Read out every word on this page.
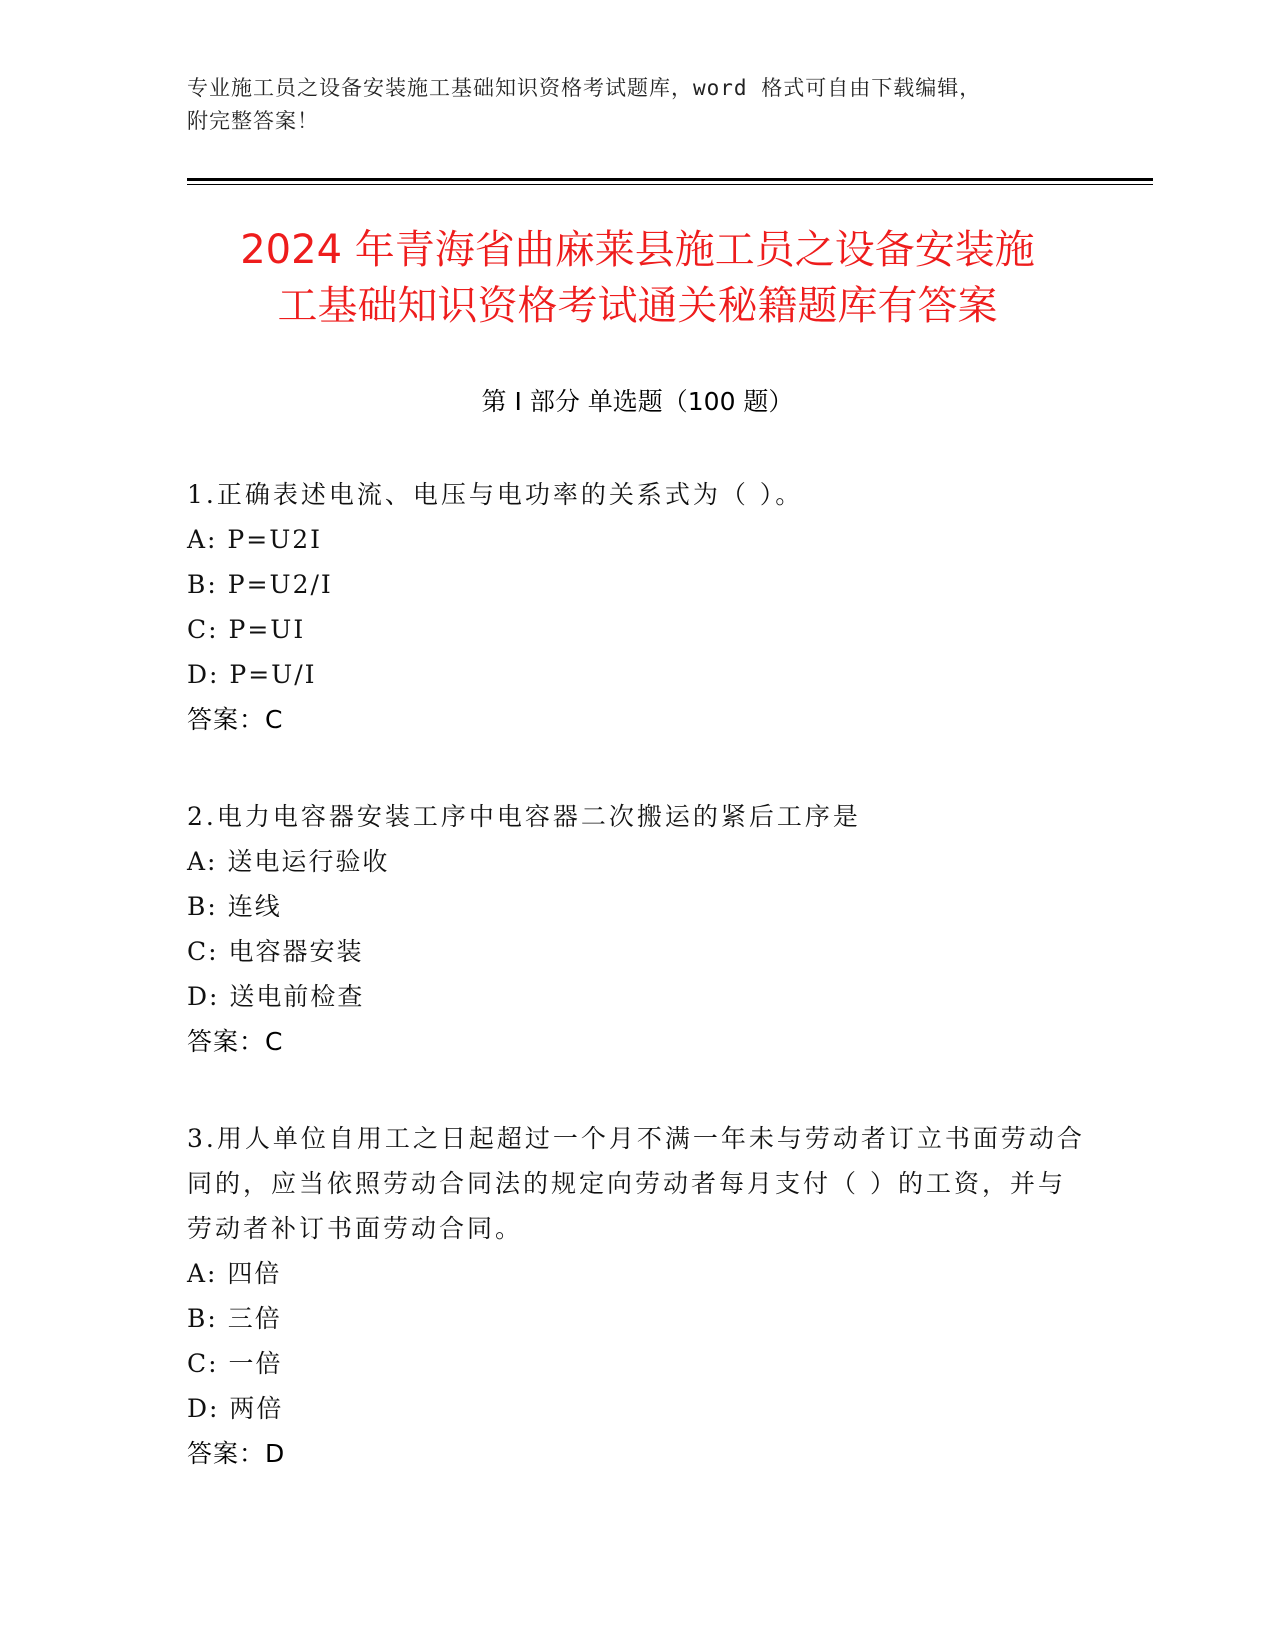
专业施工员之设备安装施工基础知识资格考试题库，word 格式可自由下载编辑，
附完整答案！
2024 年青海省曲麻莱县施工员之设备安装施
工基础知识资格考试通关秘籍题库有答案
第 I 部分 单选题（100 题）
1.正确表述电流、电压与电功率的关系式为（ ）。
A: P=U2I
B: P=U2/I
C: P=UI
D: P=U/I
答案：C
2.电力电容器安装工序中电容器二次搬运的紧后工序是
A: 送电运行验收
B: 连线
C: 电容器安装
D: 送电前检查
答案：C
3.用人单位自用工之日起超过一个月不满一年未与劳动者订立书面劳动合同的，应当依照劳动合同法的规定向劳动者每月支付（ ）的工资，并与劳动者补订书面劳动合同。
A: 四倍
B: 三倍
C: 一倍
D: 两倍
答案：D
